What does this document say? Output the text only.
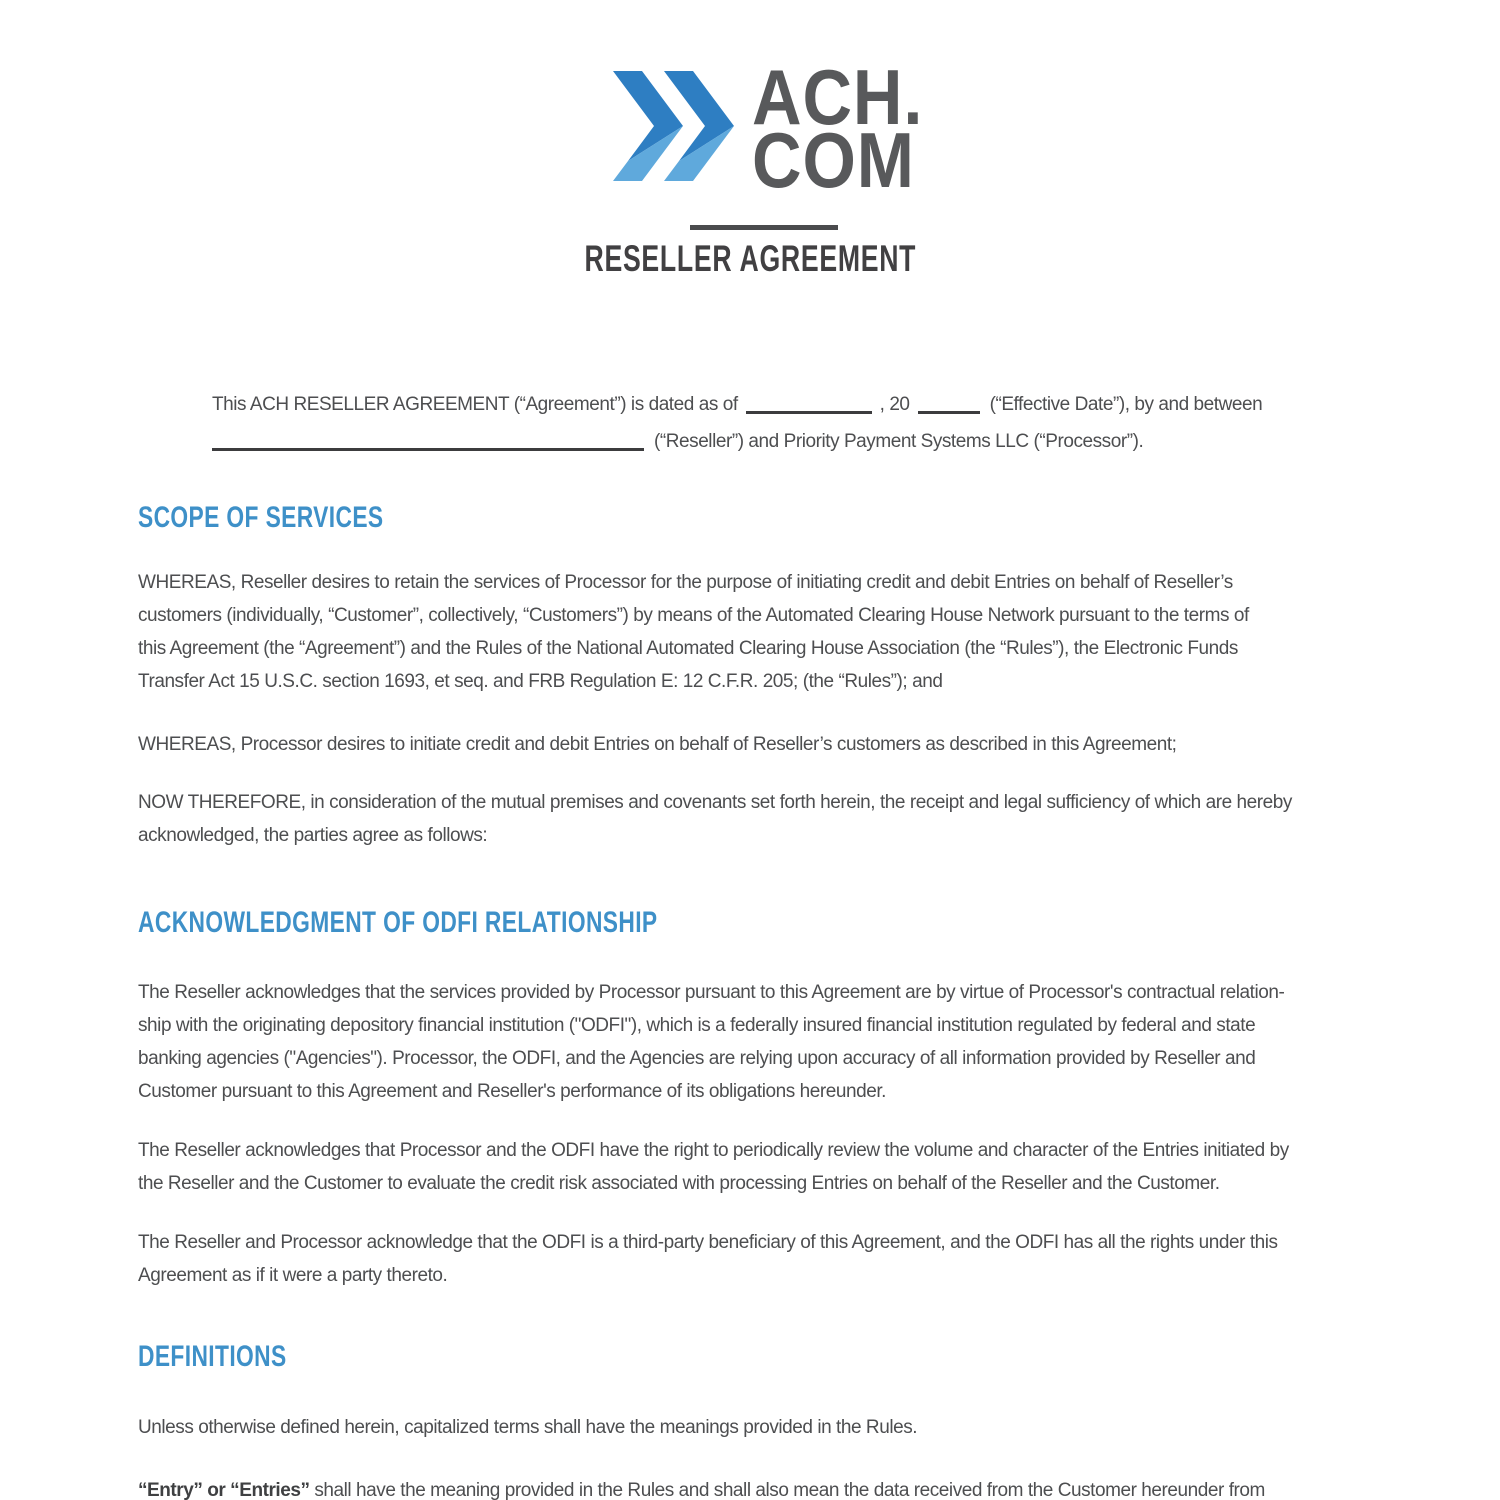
ACH.
COM
RESELLER AGREEMENT
This ACH RESELLER AGREEMENT (“Agreement”) is dated as of	, 20	(“Effective Date”), by and between
(“Reseller”) and Priority Payment Systems LLC (“Processor”).
SCOPE OF SERVICES
WHEREAS, Reseller desires to retain the services of Processor for the purpose of initiating credit and debit Entries on behalf of Reseller’s
customers (individually, “Customer”, collectively, “Customers”) by means of the Automated Clearing House Network pursuant to the terms of
this Agreement (the “Agreement”) and the Rules of the National Automated Clearing House Association (the “Rules”), the Electronic Funds
Transfer Act 15 U.S.C. section 1693, et seq. and FRB Regulation E: 12 C.F.R. 205; (the “Rules”); and
WHEREAS, Processor desires to initiate credit and debit Entries on behalf of Reseller’s customers as described in this Agreement;
NOW THEREFORE, in consideration of the mutual premises and covenants set forth herein, the receipt and legal sufficiency of which are hereby
acknowledged, the parties agree as follows:
ACKNOWLEDGMENT OF ODFI RELATIONSHIP
The Reseller acknowledges that the services provided by Processor pursuant to this Agreement are by virtue of Processor's contractual relation-
ship with the originating depository financial institution ("ODFI"), which is a federally insured financial institution regulated by federal and state
banking agencies ("Agencies"). Processor, the ODFI, and the Agencies are relying upon accuracy of all information provided by Reseller and
Customer pursuant to this Agreement and Reseller's performance of its obligations hereunder.
The Reseller acknowledges that Processor and the ODFI have the right to periodically review the volume and character of the Entries initiated by
the Reseller and the Customer to evaluate the credit risk associated with processing Entries on behalf of the Reseller and the Customer.
The Reseller and Processor acknowledge that the ODFI is a third-party beneficiary of this Agreement, and the ODFI has all the rights under this
Agreement as if it were a party thereto.
DEFINITIONS
Unless otherwise defined herein, capitalized terms shall have the meanings provided in the Rules.
“Entry” or “Entries” shall have the meaning provided in the Rules and shall also mean the data received from the Customer hereunder from
